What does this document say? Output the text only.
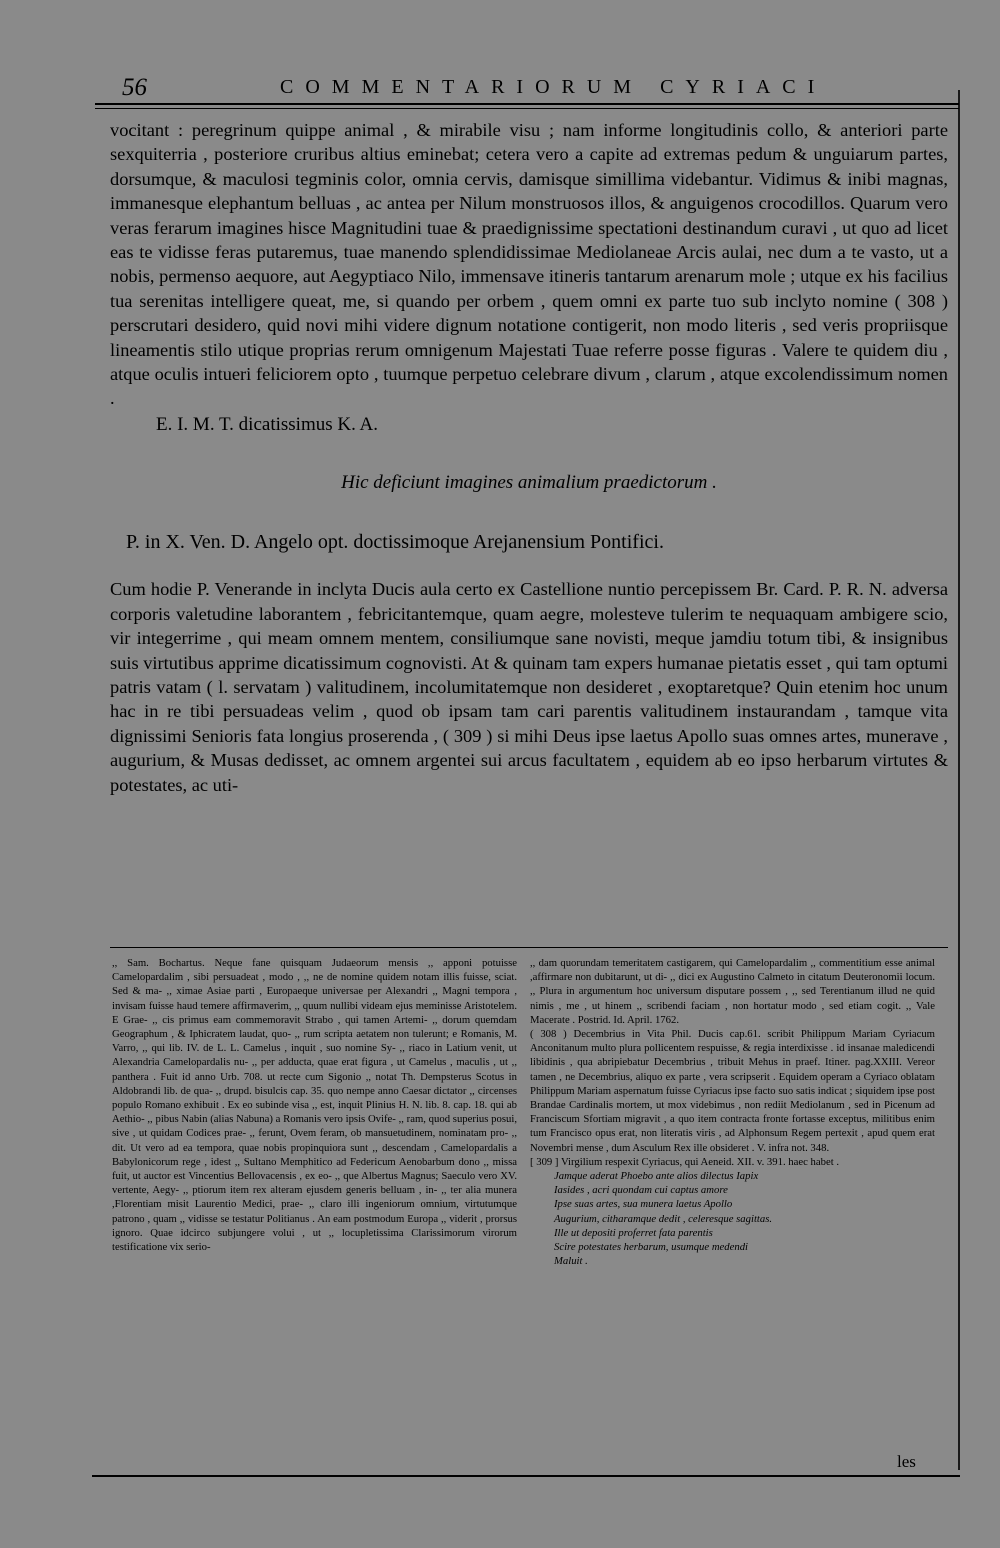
56	COMMENTARIORUM CYRIACI

vocitant : peregrinum quippe animal , & mirabile visu ; nam informe longitudinis collo, & anteriori parte sexquiterria , posteriore cruribus altius eminebat; cetera vero a capite ad extremas pedum & unguiarum partes, dorsumque, & maculosi tegminis color, omnia cervis, damisque simillima videbantur. Vidimus & inibi magnas, immanesque elephantum belluas , ac antea per Nilum monstruosos illos, & anguigenos crocodillos. Quarum vero veras ferarum imagines hisce Magnitudini tuae & praedignissime spectationi destinandum curavi , ut quo ad licet eas te vidisse feras putaremus, tuae manendo splendidissimae Mediolaneae Arcis aulai, nec dum a te vasto, ut a nobis, permenso aequore, aut Aegyptiaco Nilo, immensave itineris tantarum arenarum mole ; utque ex his facilius tua serenitas intelligere queat, me, si quando per orbem , quem omni ex parte tuo sub inclyto nomine ( 308 ) perscrutari desidero, quid novi mihi videre dignum notatione contigerit, non modo literis , sed veris propriisque lineamentis stilo utique proprias rerum omnigenum Majestati Tuae referre posse figuras . Valere te quidem diu , atque oculis intueri feliciorem opto , tuumque perpetuo celebrare divum , clarum , atque excolendissimum nomen .

E. I. M. T. dicatissimus K. A.

Hic deficiunt imagines animalium praedictorum .

P. in X. Ven. D. Angelo opt. doctissimoque Arejanensium Pontifici.

Cum hodie P. Venerande in inclyta Ducis aula certo ex Castellione nuntio percepissem Br. Card. P. R. N. adversa corporis valetudine laborantem , febricitantemque, quam aegre, molesteve tulerim te nequaquam ambigere scio, vir integerrime , qui meam omnem mentem, consiliumque sane novisti, meque jamdiu totum tibi, & insignibus suis virtutibus apprime dicatissimum cognovisti. At & quinam tam expers humanae pietatis esset , qui tam optumi patris vatam ( l. servatam ) valitudinem, incolumitatemque non desideret , exoptaretque? Quin etenim hoc unum hac in re tibi persuadeas velim , quod ob ipsam tam cari parentis valitudinem instaurandam , tamque vita dignissimi Senioris fata longius proserenda , ( 309 ) si mihi Deus ipse laetus Apollo suas omnes artes, munerave , augurium, & Musas dedisset, ac omnem argentei sui arcus facultatem , equidem ab eo ipso herbarum virtutes & potestates, ac uti-

,, Sam. Bochartus. Neque fane quisquam Judaeorum mensis ,, apponi potuisse Camelopardalim , sibi persuadeat , modo , ,, ne de nomine quidem notam illis fuisse, sciat. Sed & ma- ,, ximae Asiae parti , Europaeque universae per Alexandri ,, Magni tempora , invisam fuisse haud temere affirmaverim, ,, quum nullibi videam ejus meminisse Aristotelem. E Grae- ,, cis primus eam commemoravit Strabo , qui tamen Artemi- ,, dorum quemdam Geographum , & Iphicratem laudat, quo- ,, rum scripta aetatem non tulerunt; e Romanis, M. Varro, ,, qui lib. IV. de L. L. Camelus , inquit , suo nomine Sy- ,, riaco in Latium venit, ut Alexandria Camelopardalis nu- ,, per adducta, quae erat figura , ut Camelus , maculis , ut ,, panthera . Fuit id anno Urb. 708. ut recte cum Sigonio ,, notat Th. Dempsterus Scotus in Aldobrandi lib. de qua- ,, drupd. bisulcis cap. 35. quo nempe anno Caesar dictator ,, circenses populo Romano exhibuit . Ex eo subinde visa ,, est, inquit Plinius H. N. lib. 8. cap. 18. qui ab Aethio- ,, pibus Nabin (alias Nabuna) a Romanis vero ipsis Ovife- ,, ram, quod superius posui, sive , ut quidam Codices prae- ,, ferunt, Ovem feram, ob mansuetudinem, nominatam pro- ,, dit. Ut vero ad ea tempora, quae nobis propinquiora sunt ,, descendam , Camelopardalis a Babylonicorum rege , idest ,, Sultano Memphitico ad Federicum Aenobarbum dono ,, missa fuit, ut auctor est Vincentius Bellovacensis , ex eo- ,, que Albertus Magnus; Saeculo vero XV. vertente, Aegy- ,, ptiorum item rex alteram ejusdem generis belluam , in- ,, ter alia munera ,Florentiam misit Laurentio Medici, prae- ,, claro illi ingeniorum omnium, virtutumque patrono , quam ,, vidisse se testatur Politianus . An eam postmodum Europa ,, viderit , prorsus ignoro. Quae idcirco subjungere volui , ut ,, locupletissima Clarissimorum virorum testificatione vix serio-

,, dam quorundam temeritatem castigarem, qui Camelopardalim ,, commentitium esse animal ,affirmare non dubitarunt, ut di- ,, dici ex Augustino Calmeto in citatum Deuteronomii locum. ,, Plura in argumentum hoc universum disputare possem , ,, sed Terentianum illud ne quid nimis , me , ut hinem ,, scribendi faciam , non hortatur modo , sed etiam cogit. ,, Vale Macerate . Postrid. Id. April. 1762.

( 308 ) Decembrius in Vita Phil. Ducis cap.61. scribit Philippum Mariam Cyriacum Anconitanum multo plura pollicentem respuisse, & regia interdixisse . id insanae maledicendi libidinis , qua abripiebatur Decembrius , tribuit Mehus in praef. Itiner. pag.XXIII. Vereor tamen , ne Decembrius, aliquo ex parte , vera scripserit . Equidem operam a Cyriaco oblatam Philippum Mariam aspernatum fuisse Cyriacus ipse facto suo satis indicat ; siquidem ipse post Brandae Cardinalis mortem, ut mox videbimus , non rediit Mediolanum , sed in Picenum ad Franciscum Sfortiam migravit , a quo item contracta fronte fortasse exceptus, militibus enim tum Francisco opus erat, non literatis viris , ad Alphonsum Regem pertexit , apud quem erat Novembri mense , dum Asculum Rex ille obsideret . V. infra not. 348.

[ 309 ] Virgilium respexit Cyriacus, qui Aeneid. XII. v. 391. haec habet .

Jamque aderat Phoebo ante alios dilectus Iapix

Iasides , acri quondam cui captus amore

Ipse suas artes, sua munera laetus Apollo

Augurium, citharamque dedit , celeresque sagittas.

Ille ut depositi proferret fata parentis

Scire potestates herbarum, usumque medendi

Maluit .

les
